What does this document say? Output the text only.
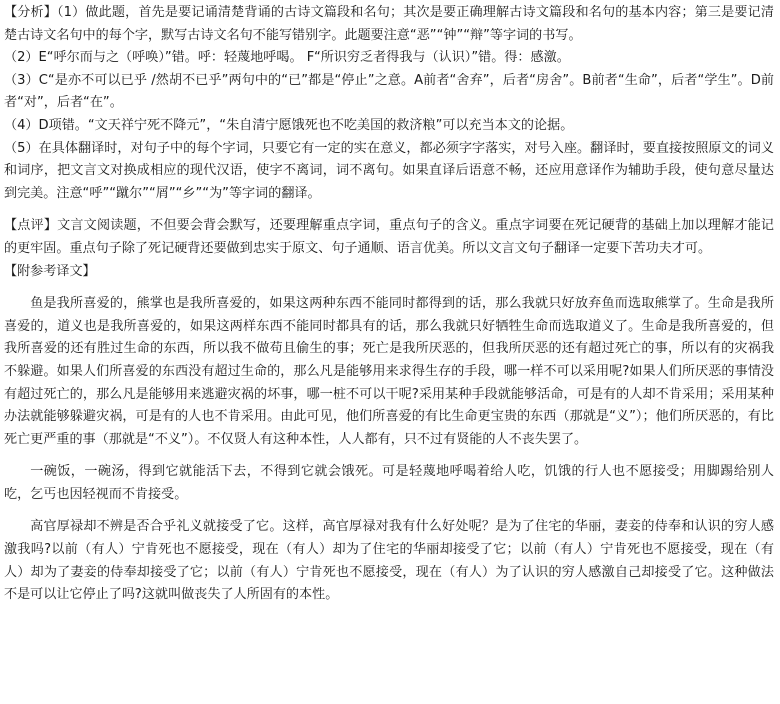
【分析】（1）做此题，首先是要记诵清楚背诵的古诗文篇段和名句；其次是要正确理解古诗文篇段和名句的基本内容；第三是要记清楚古诗文名句中的每个字，默写古诗文名句不能写错别字。此题要注意“恶”“钟”“辩”等字词的书写。

（2）E“呼尔而与之（呼唤）”错。呼：轻蔑地呼喝。 F“所识穷乏者得我与（认识）”错。得：感激。

（3）C“是亦不可以已乎 /然胡不已乎”两句中的“已”都是“停止”之意。A前者“舍弃”，后者“房舍”。B前者“生命”，后者“学生”。D前者“对”，后者“在”。

（4）D项错。“文天祥宁死不降元”，“朱自清宁愿饿死也不吃美国的救济粮”可以充当本文的论据。

（5）在具体翻译时，对句子中的每个字词，只要它有一定的实在意义，都必须字字落实，对号入座。翻译时，要直接按照原文的词义和词序，把文言文对换成相应的现代汉语，使字不离词，词不离句。如果直译后语意不畅，还应用意译作为辅助手段，使句意尽量达到完美。注意“呼”“蹴尔”“屑”“乡”“为”等字词的翻译。

【点评】文言文阅读题，不但要会背会默写，还要理解重点字词，重点句子的含义。重点字词要在死记硬背的基础上加以理解才能记的更牢固。重点句子除了死记硬背还要做到忠实于原文、句子通顺、语言优美。所以文言文句子翻译一定要下苦功夫才可。

【附参考译文】

鱼是我所喜爱的，熊掌也是我所喜爱的，如果这两种东西不能同时都得到的话，那么我就只好放弃鱼而选取熊掌了。生命是我所喜爱的，道义也是我所喜爱的，如果这两样东西不能同时都具有的话，那么我就只好牺牲生命而选取道义了。生命是我所喜爱的，但我所喜爱的还有胜过生命的东西，所以我不做苟且偷生的事；死亡是我所厌恶的，但我所厌恶的还有超过死亡的事，所以有的灾祸我不躲避。如果人们所喜爱的东西没有超过生命的，那么凡是能够用来求得生存的手段，哪一样不可以采用呢?如果人们所厌恶的事情没有超过死亡的，那么凡是能够用来逃避灾祸的坏事，哪一桩不可以干呢?采用某种手段就能够活命，可是有的人却不肯采用；采用某种办法就能够躲避灾祸，可是有的人也不肯采用。由此可见，他们所喜爱的有比生命更宝贵的东西（那就是“义”）；他们所厌恶的，有比死亡更严重的事（那就是“不义”）。不仅贤人有这种本性，人人都有，只不过有贤能的人不丧失罢了。

一碗饭，一碗汤，得到它就能活下去，不得到它就会饿死。可是轻蔑地呼喝着给人吃，饥饿的行人也不愿接受；用脚踢给别人吃，乞丐也因轻视而不肯接受。

高官厚禄却不辨是否合乎礼义就接受了它。这样，高官厚禄对我有什么好处呢？是为了住宅的华丽，妻妾的侍奉和认识的穷人感激我吗?以前（有人）宁肯死也不愿接受，现在（有人）却为了住宅的华丽却接受了它；以前（有人）宁肯死也不愿接受，现在（有人）却为了妻妾的侍奉却接受了它；以前（有人）宁肯死也不愿接受，现在（有人）为了认识的穷人感激自己却接受了它。这种做法不是可以让它停止了吗?这就叫做丧失了人所固有的本性。
